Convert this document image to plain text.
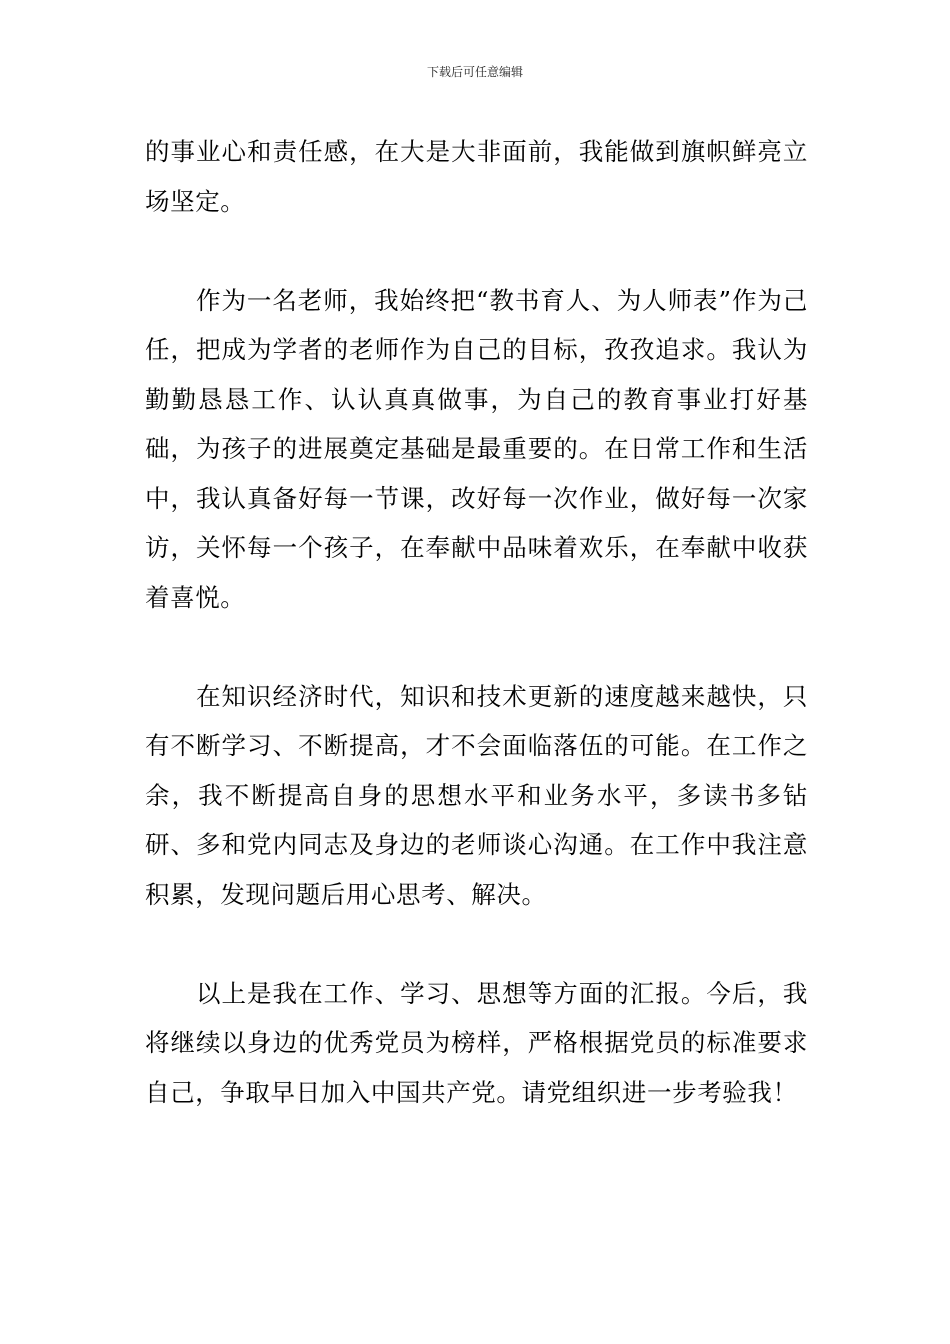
下载后可任意编辑

的事业心和责任感，在大是大非面前，我能做到旗帜鲜亮立场坚定。

作为一名老师，我始终把“教书育人、为人师表”作为己任，把成为学者的老师作为自己的目标，孜孜追求。我认为勤勤恳恳工作、认认真真做事，为自己的教育事业打好基础，为孩子的进展奠定基础是最重要的。在日常工作和生活中，我认真备好每一节课，改好每一次作业，做好每一次家访，关怀每一个孩子，在奉献中品味着欢乐，在奉献中收获着喜悦。

在知识经济时代，知识和技术更新的速度越来越快，只有不断学习、不断提高，才不会面临落伍的可能。在工作之余，我不断提高自身的思想水平和业务水平，多读书多钻研、多和党内同志及身边的老师谈心沟通。在工作中我注意积累，发现问题后用心思考、解决。

以上是我在工作、学习、思想等方面的汇报。今后，我将继续以身边的优秀党员为榜样，严格根据党员的标准要求自己，争取早日加入中国共产党。请党组织进一步考验我！
